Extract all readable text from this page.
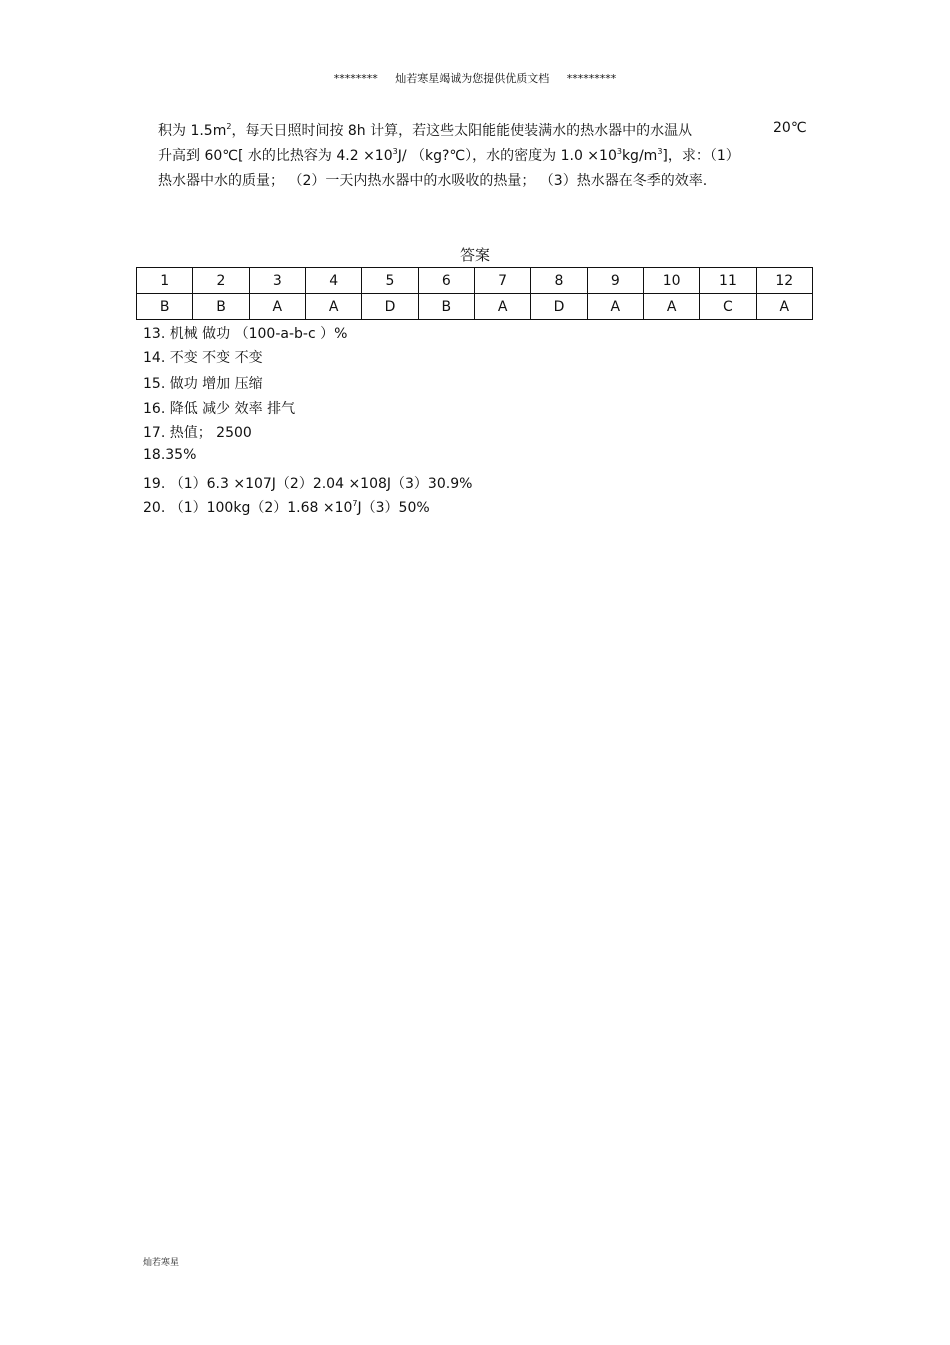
******** 灿若寒星竭诚为您提供优质文档 *********
积为 $1.5m^2$，每天日照时间按 8h 计算，若这些太阳能能使装满水的热水器中的水温从	20℃
升高到 60℃[ 水的比热容为 $4.2 \times 10^3J/$ （kg?℃），水的密度为 $1.0 \times 10^3kg/m^3$]，求：（1）
热水器中水的质量； （2）一天内热水器中的水吸收的热量； （3）热水器在冬季的效率.
答案
1	2	3	4	5	6	7	8	9	10	11	12
B	B	A	A	D	B	A	D	A	A	C	A
13. 机械 做功 （100-a-b-c ）%
14. 不变 不变 不变
15. 做功 增加 压缩
16. 降低 减少 效率 排气
17. 热值； 2500
18.35%
19. （1）6.3 ×107J（2）2.04 ×108J（3）30.9%
20. $(1)100kg(2)1.68 \times 10^7J(3)50\%$
灿若寒星
